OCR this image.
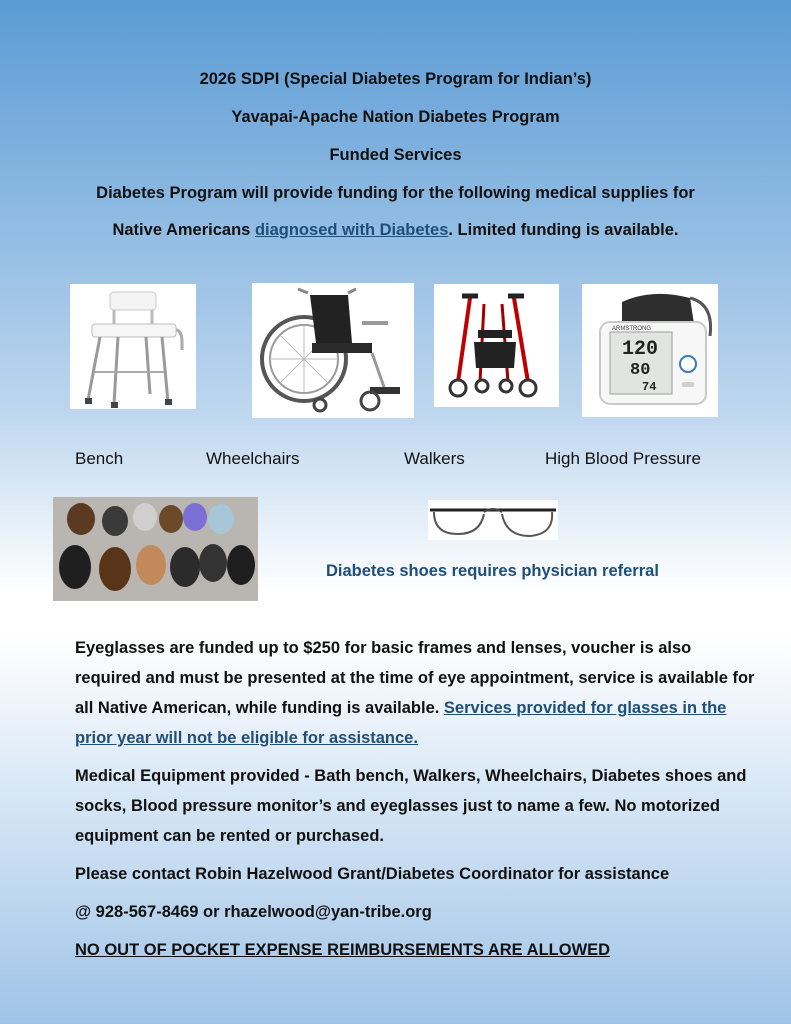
2026 SDPI (Special Diabetes Program for Indian’s)
Yavapai-Apache Nation Diabetes Program
Funded Services
Diabetes Program will provide funding for the following medical supplies for
Native Americans diagnosed with Diabetes. Limited funding is available.
ARMSTRONG
120
80
74
Bench	Wheelchairs	Walkers	High Blood Pressure
Diabetes shoes requires physician referral
Eyeglasses are funded up to $250 for basic frames and lenses, voucher is also required and must be presented at the time of eye appointment, service is available for all Native American, while funding is available. Services provided for glasses in the prior year will not be eligible for assistance.
Medical Equipment provided - Bath bench, Walkers, Wheelchairs, Diabetes shoes and socks, Blood pressure monitor’s and eyeglasses just to name a few. No motorized equipment can be rented or purchased.
Please contact Robin Hazelwood Grant/Diabetes Coordinator for assistance
@ 928-567-8469 or rhazelwood@yan-tribe.org
NO OUT OF POCKET EXPENSE REIMBURSEMENTS ARE ALLOWED
